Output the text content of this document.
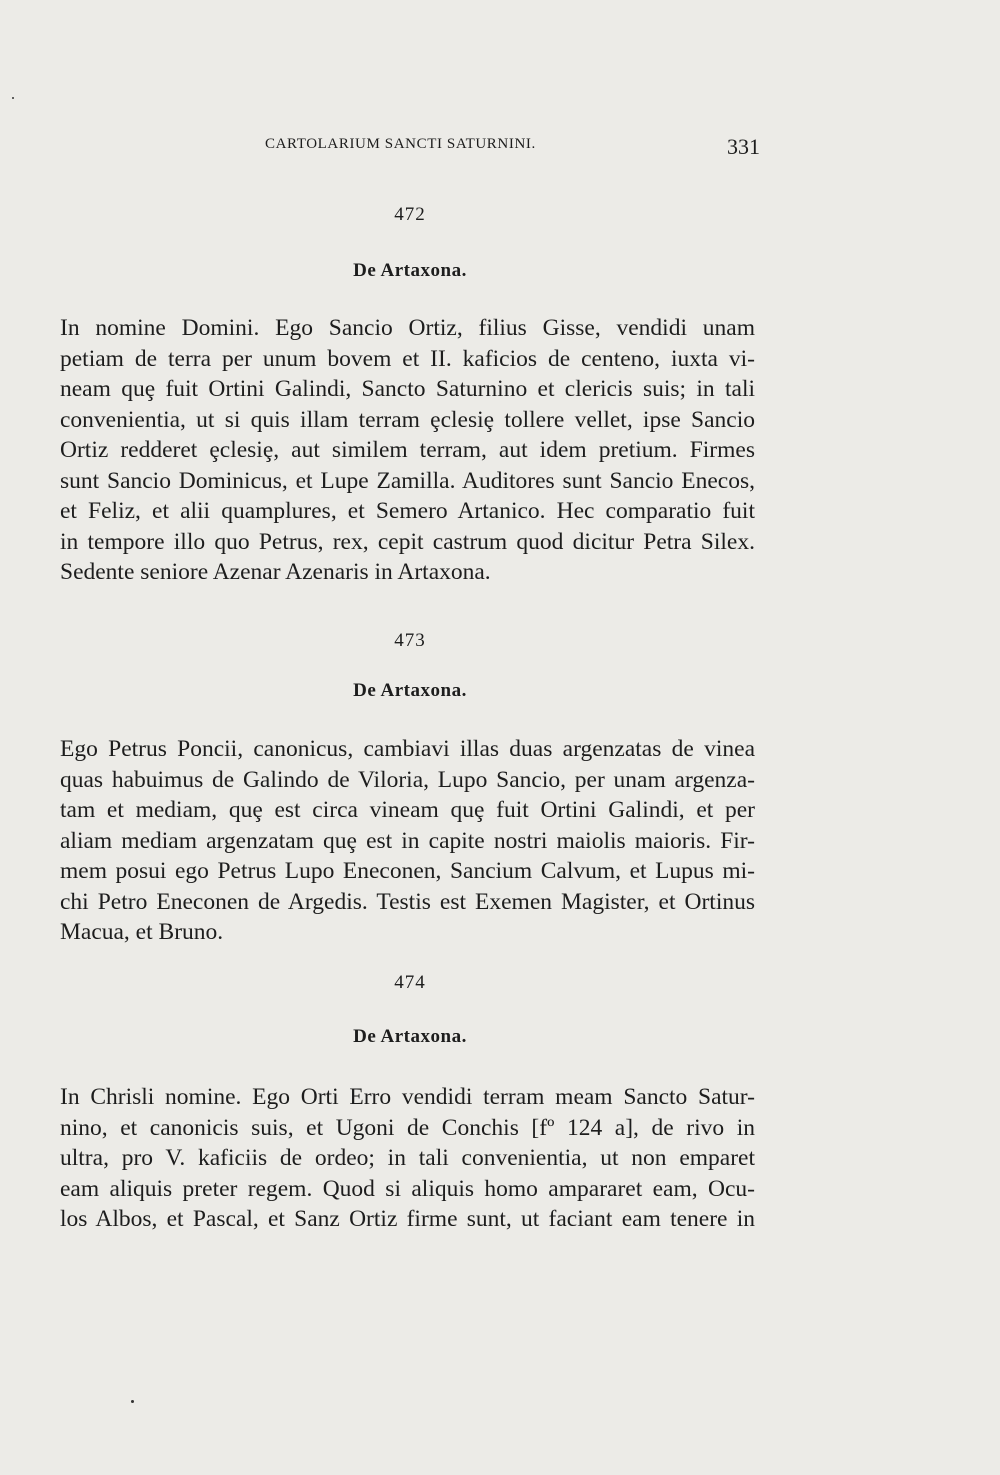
CARTOLARIUM SANCTI SATURNINI.	331
472
De Artaxona.
In nomine Domini. Ego Sancio Ortiz, filius Gisse, vendidi unam
petiam de terra per unum bovem et II. kaficios de centeno, iuxta vi-
neam quȩ fuit Ortini Galindi, Sancto Saturnino et clericis suis; in tali
convenientia, ut si quis illam terram ȩclesiȩ tollere vellet, ipse Sancio
Ortiz redderet ȩclesiȩ, aut similem terram, aut idem pretium. Firmes
sunt Sancio Dominicus, et Lupe Zamilla. Auditores sunt Sancio Enecos,
et Feliz, et alii quamplures, et Semero Artanico. Hec comparatio fuit
in tempore illo quo Petrus, rex, cepit castrum quod dicitur Petra Silex.
Sedente seniore Azenar Azenaris in Artaxona.
473
De Artaxona.
Ego Petrus Poncii, canonicus, cambiavi illas duas argenzatas de vinea
quas habuimus de Galindo de Viloria, Lupo Sancio, per unam argenza-
tam et mediam, quȩ est circa vineam quȩ fuit Ortini Galindi, et per
aliam mediam argenzatam quȩ est in capite nostri maiolis maioris. Fir-
mem posui ego Petrus Lupo Eneconen, Sancium Calvum, et Lupus mi-
chi Petro Eneconen de Argedis. Testis est Exemen Magister, et Ortinus
Macua, et Bruno.
474
De Artaxona.
In Chrisli nomine. Ego Orti Erro vendidi terram meam Sancto Satur-
nino, et canonicis suis, et Ugoni de Conchis [fº 124 a], de rivo in
ultra, pro V. kaficiis de ordeo; in tali convenientia, ut non emparet
eam aliquis preter regem. Quod si aliquis homo ampararet eam, Ocu-
los Albos, et Pascal, et Sanz Ortiz firme sunt, ut faciant eam tenere in
